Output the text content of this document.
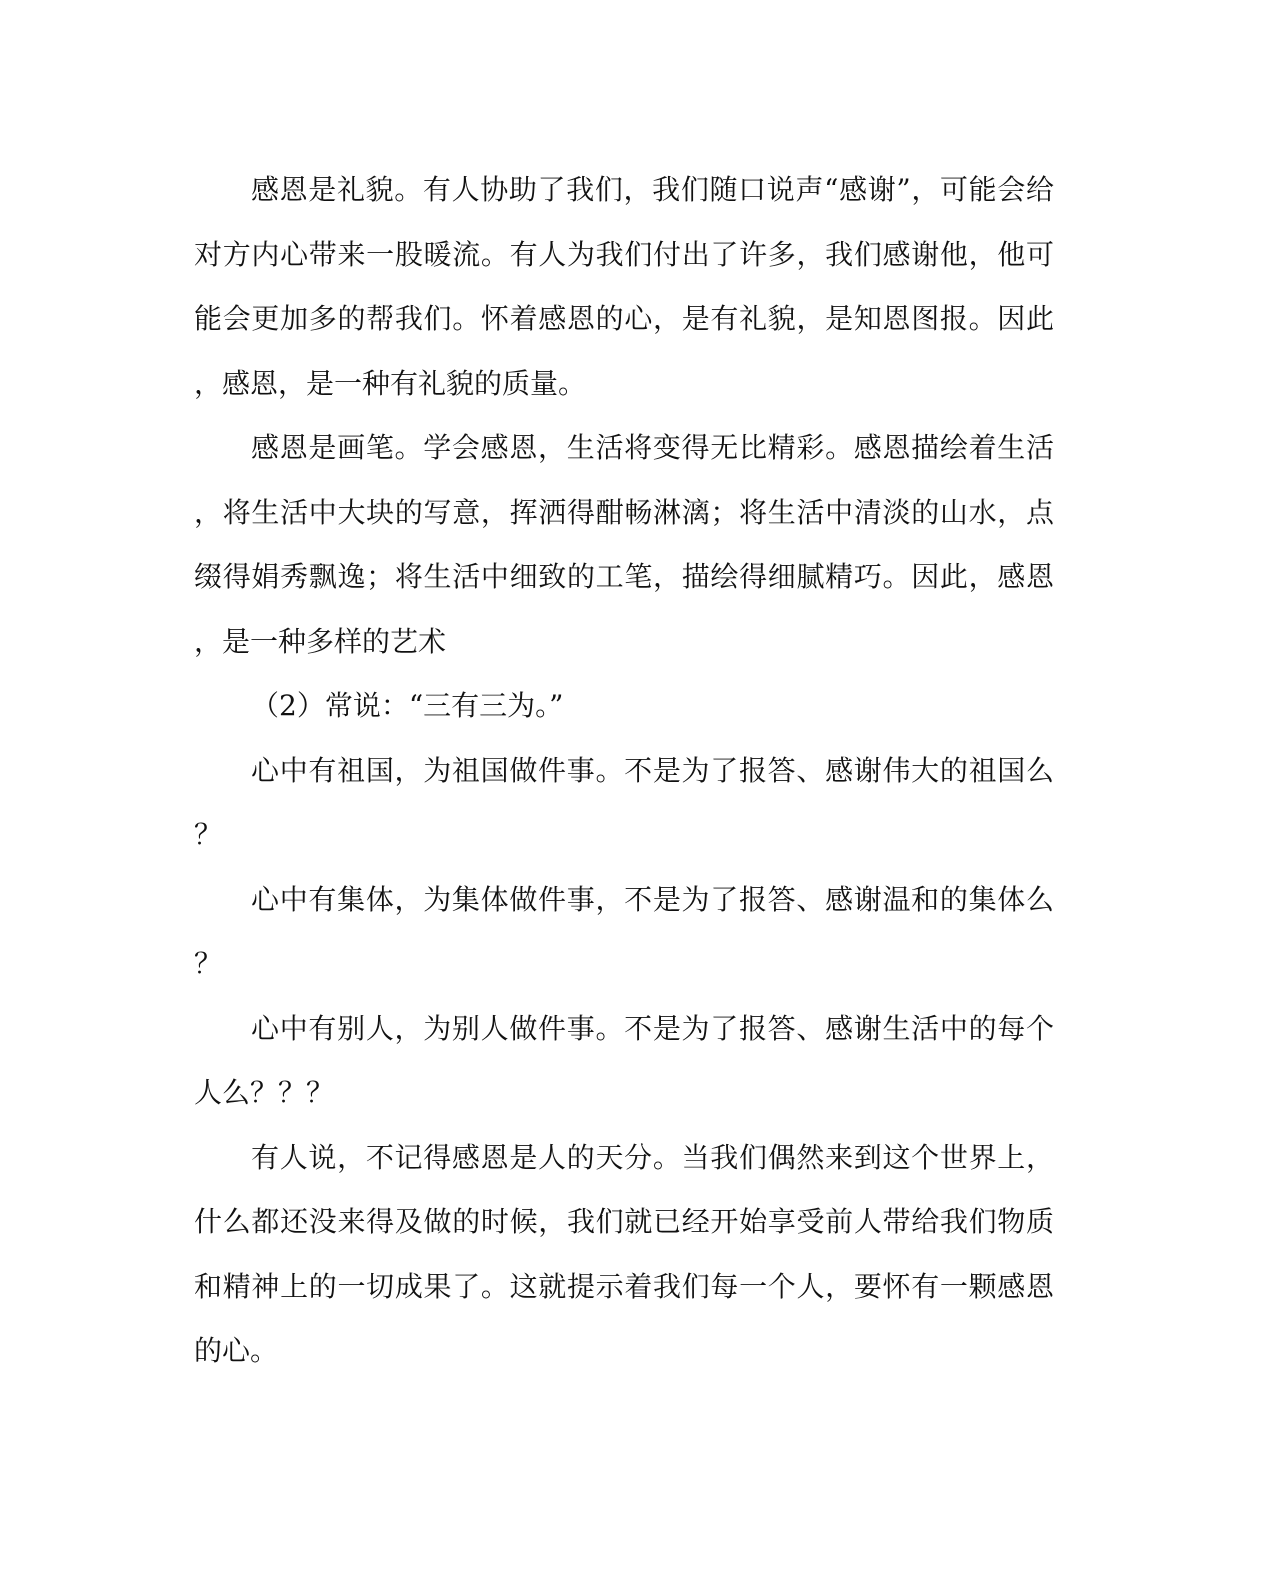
感恩是礼貌。有人协助了我们，我们随口说声“感谢”，可能会给
对方内心带来一股暖流。有人为我们付出了许多，我们感谢他，他可
能会更加多的帮我们。怀着感恩的心，是有礼貌，是知恩图报。因此
，感恩，是一种有礼貌的质量。
感恩是画笔。学会感恩，生活将变得无比精彩。感恩描绘着生活
，将生活中大块的写意，挥洒得酣畅淋漓；将生活中清淡的山水，点
缀得娟秀飘逸；将生活中细致的工笔，描绘得细腻精巧。因此，感恩
，是一种多样的艺术
（2）常说：“三有三为。”
心中有祖国，为祖国做件事。不是为了报答、感谢伟大的祖国么
？
心中有集体，为集体做件事，不是为了报答、感谢温和的集体么
？
心中有别人，为别人做件事。不是为了报答、感谢生活中的每个
人么？？？
有人说，不记得感恩是人的天分。当我们偶然来到这个世界上，
什么都还没来得及做的时候，我们就已经开始享受前人带给我们物质
和精神上的一切成果了。这就提示着我们每一个人，要怀有一颗感恩
的心。
